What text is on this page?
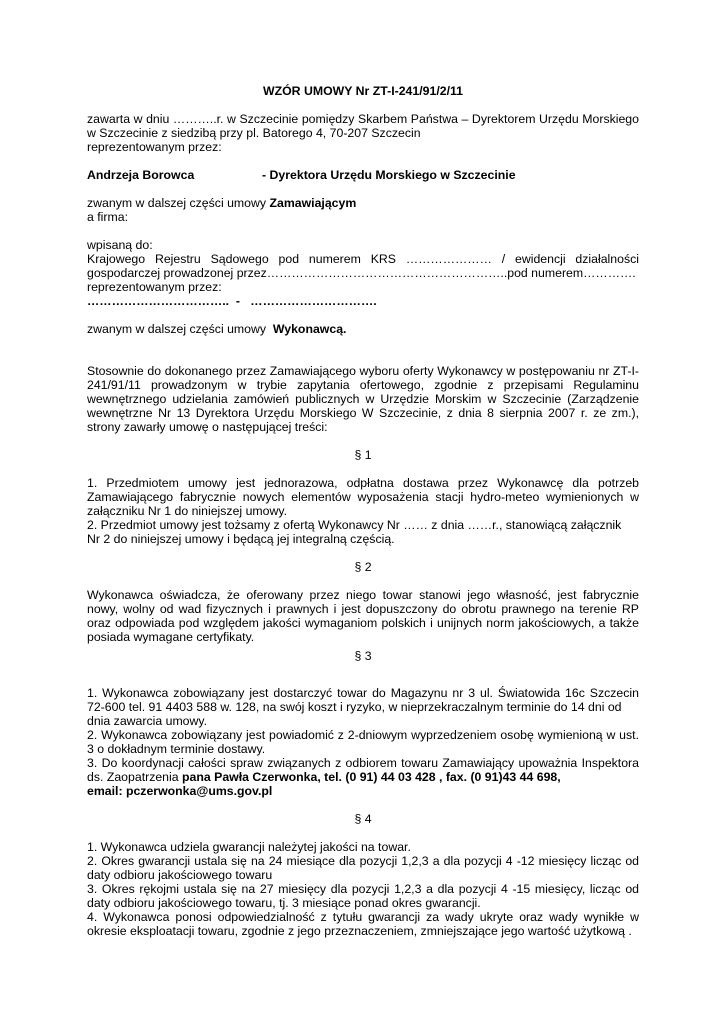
WZÓR UMOWY Nr ZT-I-241/91/2/11

zawarta w dniu ………..r. w Szczecinie pomiędzy Skarbem Państwa – Dyrektorem Urzędu Morskiego

w Szczecinie z siedzibą przy pl. Batorego 4, 70-207 Szczecin

reprezentowanym przez:

Andrzeja Borowca	- Dyrektora Urzędu Morskiego w Szczecinie

zwanym w dalszej części umowy Zamawiającym

a firma:

wpisaną do:

Krajowego Rejestru Sądowego pod numerem KRS ………………… / ewidencji działalności

gospodarczej prowadzonej przez…………………………………………………..pod numerem………….

reprezentowanym przez:

……………………………..  -   ………………………….

zwanym w dalszej części umowy  Wykonawcą.

Stosownie do dokonanego przez Zamawiającego wyboru oferty Wykonawcy w postępowaniu nr ZT-I-241/91/11 prowadzonym w trybie zapytania ofertowego, zgodnie z przepisami Regulaminu wewnętrznego udzielania zamówień publicznych w Urzędzie Morskim w Szczecinie (Zarządzenie wewnętrzne Nr 13 Dyrektora Urzędu Morskiego W Szczecinie, z dnia 8 sierpnia 2007 r. ze zm.), strony zawarły umowę o następującej treści:

§ 1

1. Przedmiotem umowy jest jednorazowa, odpłatna dostawa przez Wykonawcę dla potrzeb Zamawiającego fabrycznie nowych elementów wyposażenia stacji hydro-meteo wymienionych w załączniku Nr 1 do niniejszej umowy.

2. Przedmiot umowy jest tożsamy z ofertą Wykonawcy Nr …… z dnia ……r., stanowiącą załącznik

Nr 2 do niniejszej umowy i będącą jej integralną częścią.

§ 2

Wykonawca oświadcza, że oferowany przez niego towar stanowi jego własność, jest fabrycznie nowy, wolny od wad fizycznych i prawnych i jest dopuszczony do obrotu prawnego na terenie RP oraz odpowiada pod względem jakości wymaganiom polskich i unijnych norm jakościowych, a także posiada wymagane certyfikaty.

§ 3

1. Wykonawca zobowiązany jest dostarczyć towar do Magazynu nr 3 ul. Światowida 16c Szczecin

72-600 tel. 91 4403 588 w. 128, na swój koszt i ryzyko, w nieprzekraczalnym terminie do 14 dni od

dnia zawarcia umowy.

2. Wykonawca zobowiązany jest powiadomić z 2-dniowym wyprzedzeniem osobę wymienioną w ust. 3 o dokładnym terminie dostawy.

3. Do koordynacji całości spraw związanych z odbiorem towaru Zamawiający upoważnia Inspektora ds. Zaopatrzenia pana Pawła Czerwonka, tel. (0 91) 44 03 428 , fax. (0 91)43 44 698,

email: pczerwonka@ums.gov.pl

§ 4

1. Wykonawca udziela gwarancji należytej jakości na towar.

2. Okres gwarancji ustala się na 24 miesiące dla pozycji 1,2,3 a dla pozycji 4 -12 miesięcy licząc od daty odbioru jakościowego towaru

3. Okres rękojmi ustala się na 27 miesięcy dla pozycji 1,2,3 a dla pozycji 4 -15 miesięcy, licząc od daty odbioru jakościowego towaru, tj. 3 miesiące ponad okres gwarancji.

4. Wykonawca ponosi odpowiedzialność z tytułu gwarancji za wady ukryte oraz wady wynikłe w okresie eksploatacji towaru, zgodnie z jego przeznaczeniem, zmniejszające jego wartość użytkową .
